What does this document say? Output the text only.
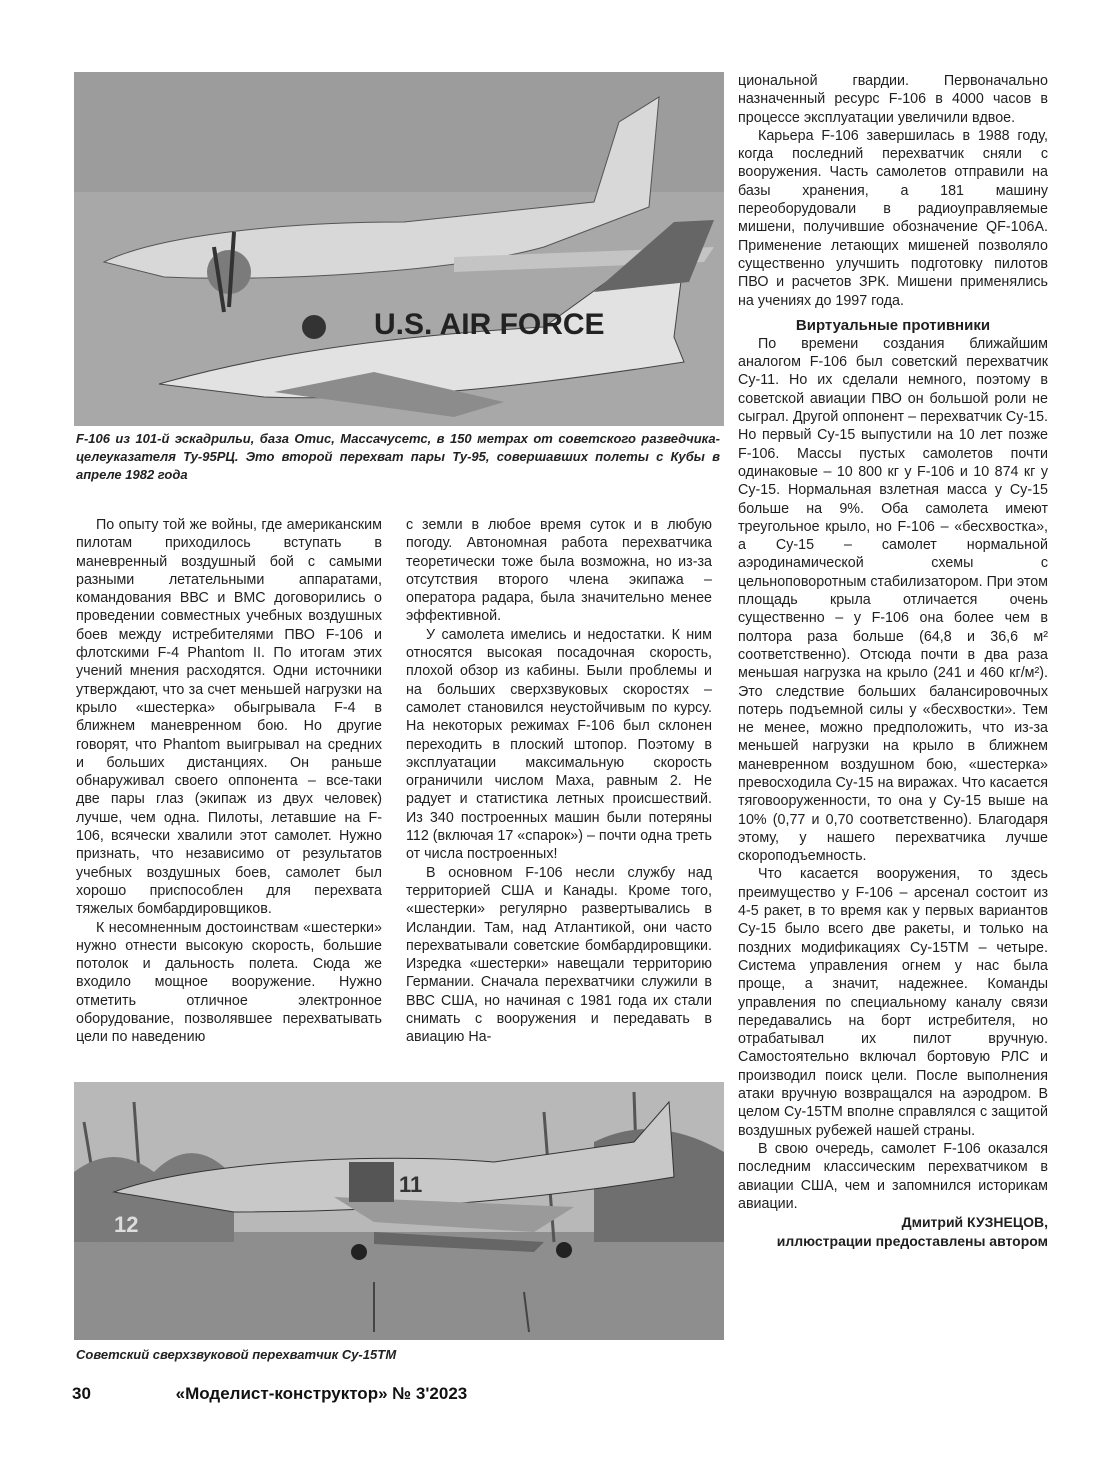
U.S. AIR FORCE
F-106 из 101-й эскадрильи, база Отис, Массачусетс, в 150 метрах от советского разведчика-целеуказателя Ту-95РЦ. Это второй перехват пары Ту-95, совершавших полеты с Кубы в апреле 1982 года

циональной гвардии. Первоначально назначенный ресурс F-106 в 4000 часов в процессе эксплуатации увеличили вдвое.

Карьера F-106 завершилась в 1988 году, когда последний перехватчик сняли с вооружения. Часть самолетов отправили на базы хранения, а 181 машину переоборудовали в радиоуправляемые мишени, получившие обозначение QF-106A. Применение летающих мишеней позволяло существенно улучшить подготовку пилотов ПВО и расчетов ЗРК. Мишени применялись на учениях до 1997 года.

Виртуальные противники

По времени создания ближайшим аналогом F-106 был советский перехватчик Су-11. Но их сделали немного, поэтому в советской авиации ПВО он большой роли не сыграл. Другой оппонент – перехватчик Су-15. Но первый Су-15 выпустили на 10 лет позже F-106. Массы пустых самолетов почти одинаковые – 10 800 кг у F-106 и 10 874 кг у Су-15. Нормальная взлетная масса у Су-15 больше на 9%. Оба самолета имеют треугольное крыло, но F-106 – «бесхвостка», а Су-15 – самолет нормальной аэродинамической схемы с цельноповоротным стабилизатором. При этом площадь крыла отличается очень существенно – у F-106 она более чем в полтора раза больше (64,8 и 36,6 м² соответственно). Отсюда почти в два раза меньшая нагрузка на крыло (241 и 460 кг/м²). Это следствие больших балансировочных потерь подъемной силы у «бесхвостки». Тем не менее, можно предположить, что из-за меньшей нагрузки на крыло в ближнем маневренном воздушном бою, «шестерка» превосходила Су-15 на виражах. Что касается тяговооруженности, то она у Су-15 выше на 10% (0,77 и 0,70 соответственно). Благодаря этому, у нашего перехватчика лучше скороподъемность.

Что касается вооружения, то здесь преимущество у F-106 – арсенал состоит из 4-5 ракет, в то время как у первых вариантов Су-15 было всего две ракеты, и только на поздних модификациях Су-15ТМ – четыре. Система управления огнем у нас была проще, а значит, надежнее. Команды управления по специальному каналу связи передавались на борт истребителя, но отрабатывал их пилот вручную. Самостоятельно включал бортовую РЛС и производил поиск цели. После выполнения атаки вручную возвращался на аэродром. В целом Су-15ТМ вполне справлялся с защитой воздушных рубежей нашей страны.

В свою очередь, самолет F-106 оказался последним классическим перехватчиком в авиации США, чем и запомнился историкам авиации.

Дмитрий КУЗНЕЦОВ,
иллюстрации предоставлены автором

По опыту той же войны, где американским пилотам приходилось вступать в маневренный воздушный бой с самыми разными летательными аппаратами, командования ВВС и ВМС договорились о проведении совместных учебных воздушных боев между истребителями ПВО F-106 и флотскими F-4 Phantom II. По итогам этих учений мнения расходятся. Одни источники утверждают, что за счет меньшей нагрузки на крыло «шестерка» обыгрывала F-4 в ближнем маневренном бою. Но другие говорят, что Phantom выигрывал на средних и больших дистанциях. Он раньше обнаруживал своего оппонента – все-таки две пары глаз (экипаж из двух человек) лучше, чем одна. Пилоты, летавшие на F-106, всячески хвалили этот самолет. Нужно признать, что независимо от результатов учебных воздушных боев, самолет был хорошо приспособлен для перехвата тяжелых бомбардировщиков.

К несомненным достоинствам «шестерки» нужно отнести высокую скорость, большие потолок и дальность полета. Сюда же входило мощное вооружение. Нужно отметить отличное электронное оборудование, позволявшее перехватывать цели по наведению

с земли в любое время суток и в любую погоду. Автономная работа перехватчика теоретически тоже была возможна, но из-за отсутствия второго члена экипажа – оператора радара, была значительно менее эффективной.

У самолета имелись и недостатки. К ним относятся высокая посадочная скорость, плохой обзор из кабины. Были проблемы и на больших сверхзвуковых скоростях – самолет становился неустойчивым по курсу. На некоторых режимах F-106 был склонен переходить в плоский штопор. Поэтому в эксплуатации максимальную скорость ограничили числом Маха, равным 2. Не радует и статистика летных происшествий. Из 340 построенных машин были потеряны 112 (включая 17 «спарок») – почти одна треть от числа построенных!

В основном F-106 несли службу над территорией США и Канады. Кроме того, «шестерки» регулярно развертывались в Исландии. Там, над Атлантикой, они часто перехватывали советские бомбардировщики. Изредка «шестерки» навещали территорию Германии. Сначала перехватчики служили в ВВС США, но начиная с 1981 года их стали снимать с вооружения и передавать в авиацию На-

11
12
Советский сверхзвуковой перехватчик Су-15ТМ
30	«Моделист-конструктор» № 3'2023
